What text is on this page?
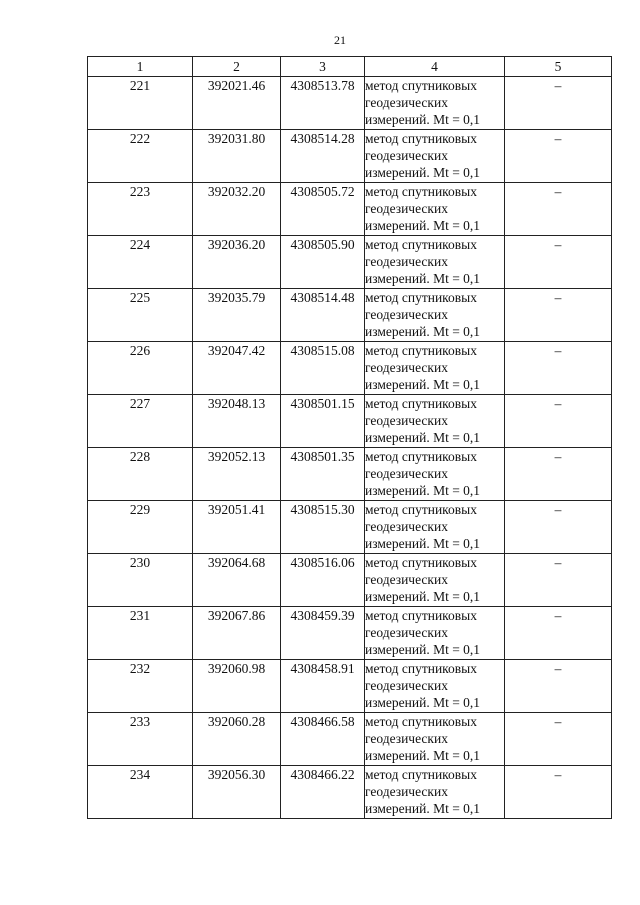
21
1	2	3	4	5
221	392021.46	4308513.78	метод спутниковых
геодезических
измерений. Mt = 0,1	–
222	392031.80	4308514.28	метод спутниковых
геодезических
измерений. Mt = 0,1	–
223	392032.20	4308505.72	метод спутниковых
геодезических
измерений. Mt = 0,1	–
224	392036.20	4308505.90	метод спутниковых
геодезических
измерений. Mt = 0,1	–
225	392035.79	4308514.48	метод спутниковых
геодезических
измерений. Mt = 0,1	–
226	392047.42	4308515.08	метод спутниковых
геодезических
измерений. Mt = 0,1	–
227	392048.13	4308501.15	метод спутниковых
геодезических
измерений. Mt = 0,1	–
228	392052.13	4308501.35	метод спутниковых
геодезических
измерений. Mt = 0,1	–
229	392051.41	4308515.30	метод спутниковых
геодезических
измерений. Mt = 0,1	–
230	392064.68	4308516.06	метод спутниковых
геодезических
измерений. Mt = 0,1	–
231	392067.86	4308459.39	метод спутниковых
геодезических
измерений. Mt = 0,1	–
232	392060.98	4308458.91	метод спутниковых
геодезических
измерений. Mt = 0,1	–
233	392060.28	4308466.58	метод спутниковых
геодезических
измерений. Mt = 0,1	–
234	392056.30	4308466.22	метод спутниковых
геодезических
измерений. Mt = 0,1	–
